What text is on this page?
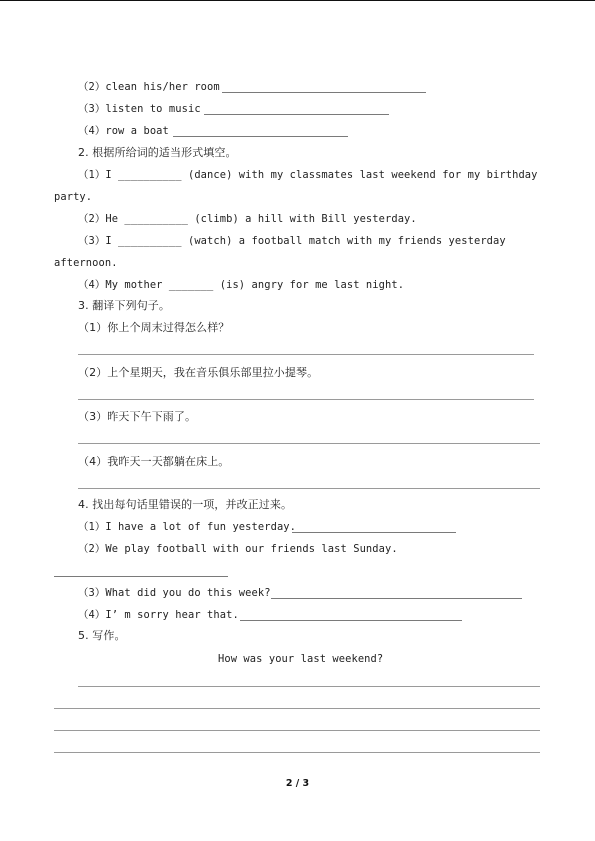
（2）clean his/her room
（3）listen to music
（4）row a boat
2. 根据所给词的适当形式填空。
（1）I __________ (dance) with my classmates last weekend for my birthday
party.
（2）He __________ (climb) a hill with Bill yesterday.
（3）I __________ (watch) a football match with my friends yesterday
afternoon.
（4）My mother _______ (is) angry for me last night.
3. 翻译下列句子。
（1）你上个周末过得怎么样？
（2）上个星期天，我在音乐俱乐部里拉小提琴。
（3）昨天下午下雨了。
（4）我昨天一天都躺在床上。
4. 找出每句话里错误的一项，并改正过来。
（1）I have a lot of fun yesterday.
（2）We play football with our friends last Sunday.
（3）What did you do this week?
（4）I’ m sorry hear that.
5. 写作。
How was your last weekend?
2 / 3
